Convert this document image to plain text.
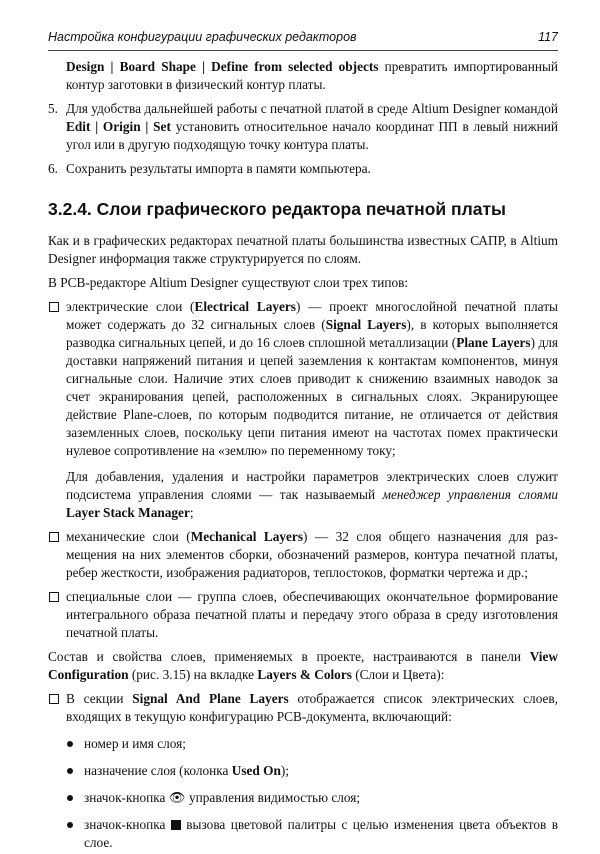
Настройка конфигурации графических редакторов	117

Design | Board Shape | Define from selected objects превратить импортированный контур заготовки в физический контур платы.

5. Для удобства дальнейшей работы с печатной платой в среде Altium Designer командой Edit | Origin | Set установить относительное начало координат ПП в левый нижний угол или в другую подходящую точку контура платы.

6. Сохранить результаты импорта в памяти компьютера.

3.2.4. Слои графического редактора печатной платы

Как и в графических редакторах печатной платы большинства известных САПР, в Altium Designer информация также структурируется по слоям.

В PCB-редакторе Altium Designer существуют слои трех типов:

электрические слои (Electrical Layers) — проект многослойной печатной платы может содержать до 32 сигнальных слоев (Signal Layers), в которых выполняется разводка сигнальных цепей, и до 16 слоев сплошной металлизации (Plane Layers) для доставки напряжений питания и цепей заземления к контактам компонентов, минуя сигнальные слои. Наличие этих слоев приводит к снижению взаимных наводок за счет экранирования цепей, расположенных в сигнальных слоях. Экранирующее действие Plane-слоев, по которым подводится питание, не отличается от действия заземленных слоев, поскольку цепи питания имеют на частотах помех практически нулевое сопротивление на «землю» по переменному току;

Для добавления, удаления и настройки параметров электрических слоев служит подсистема управления слоями — так называемый менеджер управления слоями Layer Stack Manager;

механические слои (Mechanical Layers) — 32 слоя общего назначения для размещения на них элементов сборки, обозначений размеров, контура печатной платы, ребер жесткости, изображения радиаторов, теплостоков, форматки чертежа и др.;

специальные слои — группа слоев, обеспечивающих окончательное формирование интегрального образа печатной платы и передачу этого образа в среду изготовления печатной платы.

Состав и свойства слоев, применяемых в проекте, настраиваются в панели View Configuration (рис. 3.15) на вкладке Layers & Colors (Слои и Цвета):

В секции Signal And Plane Layers отображается список электрических слоев, входящих в текущую конфигурацию PCB-документа, включающий:

номер и имя слоя;

назначение слоя (колонка Used On);

значок-кнопка 👁 управления видимостью слоя;

значок-кнопка  вызова цветовой палитры с целью изменения цвета объектов в слое.
